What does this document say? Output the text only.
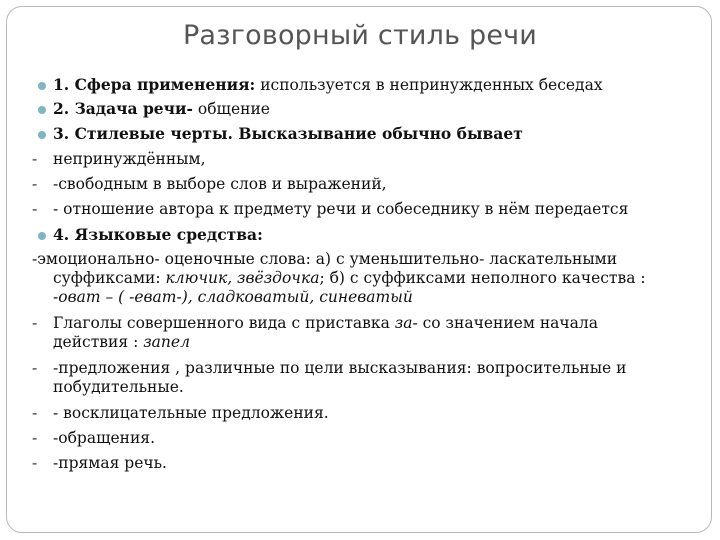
Разговорный стиль речи
1. Сфера применения: используется в непринужденных беседах
2. Задача речи- общение
3. Стилевые черты. Высказывание обычно бывает
- непринуждённым,
- -свободным в выборе слов и выражений,
- - отношение автора к предмету речи и собеседнику в нём передается
4. Языковые средства:
-эмоционально- оценочные слова: а) с уменьшительно- ласкательными
суффиксами: ключик, звёздочка; б) с суффиксами неполного качества :
-оват – ( -еват-), сладковатый, синеватый
- Глаголы совершенного вида с приставка за- со значением начала
действия : запел
- -предложения , различные по цели высказывания: вопросительные и
побудительные.
- - восклицательные предложения.
- -обращения.
- -прямая речь.
